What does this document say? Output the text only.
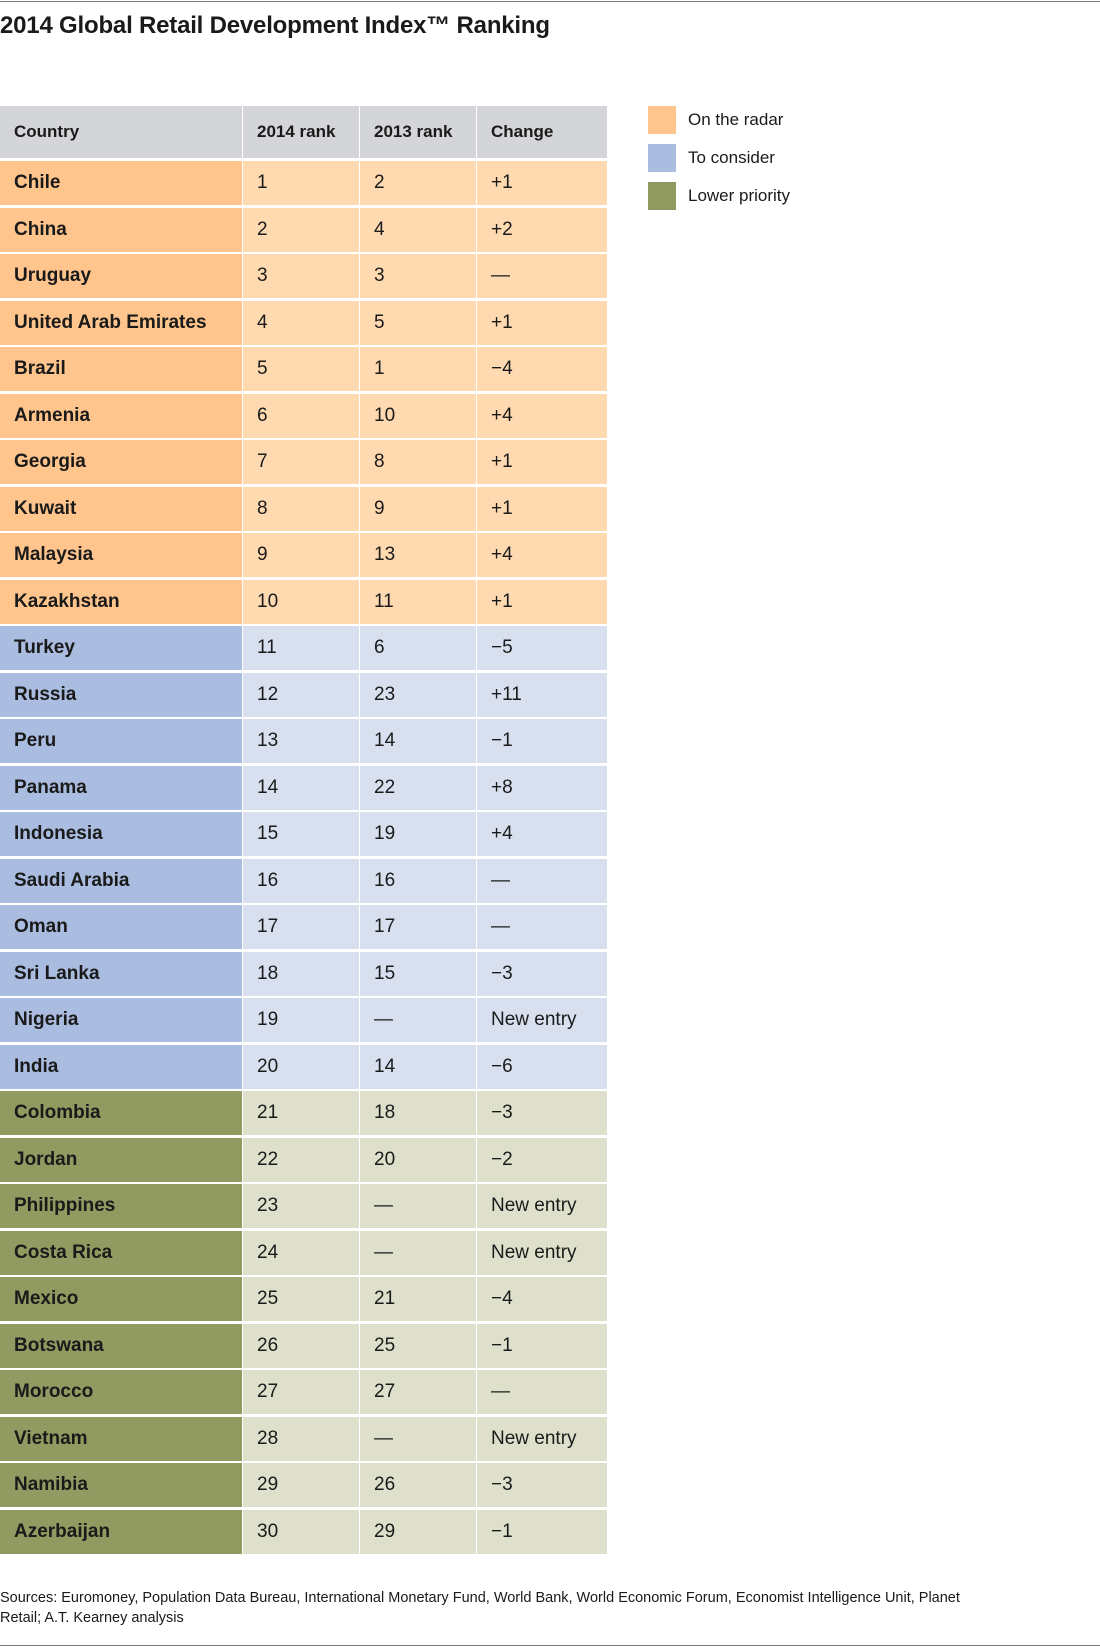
2014 Global Retail Development Index™ Ranking
Country	2014 rank	2013 rank	Change
Chile	1	2	+1
China	2	4	+2
Uruguay	3	3	—
United Arab Emirates	4	5	+1
Brazil	5	1	−4
Armenia	6	10	+4
Georgia	7	8	+1
Kuwait	8	9	+1
Malaysia	9	13	+4
Kazakhstan	10	11	+1
Turkey	11	6	−5
Russia	12	23	+11
Peru	13	14	−1
Panama	14	22	+8
Indonesia	15	19	+4
Saudi Arabia	16	16	—
Oman	17	17	—
Sri Lanka	18	15	−3
Nigeria	19	—	New entry
India	20	14	−6
Colombia	21	18	−3
Jordan	22	20	−2
Philippines	23	—	New entry
Costa Rica	24	—	New entry
Mexico	25	21	−4
Botswana	26	25	−1
Morocco	27	27	—
Vietnam	28	—	New entry
Namibia	29	26	−3
Azerbaijan	30	29	−1
On the radar
To consider
Lower priority
Sources: Euromoney, Population Data Bureau, International Monetary Fund, World Bank, World Economic Forum, Economist Intelligence Unit, Planet Retail; A.T. Kearney analysis
